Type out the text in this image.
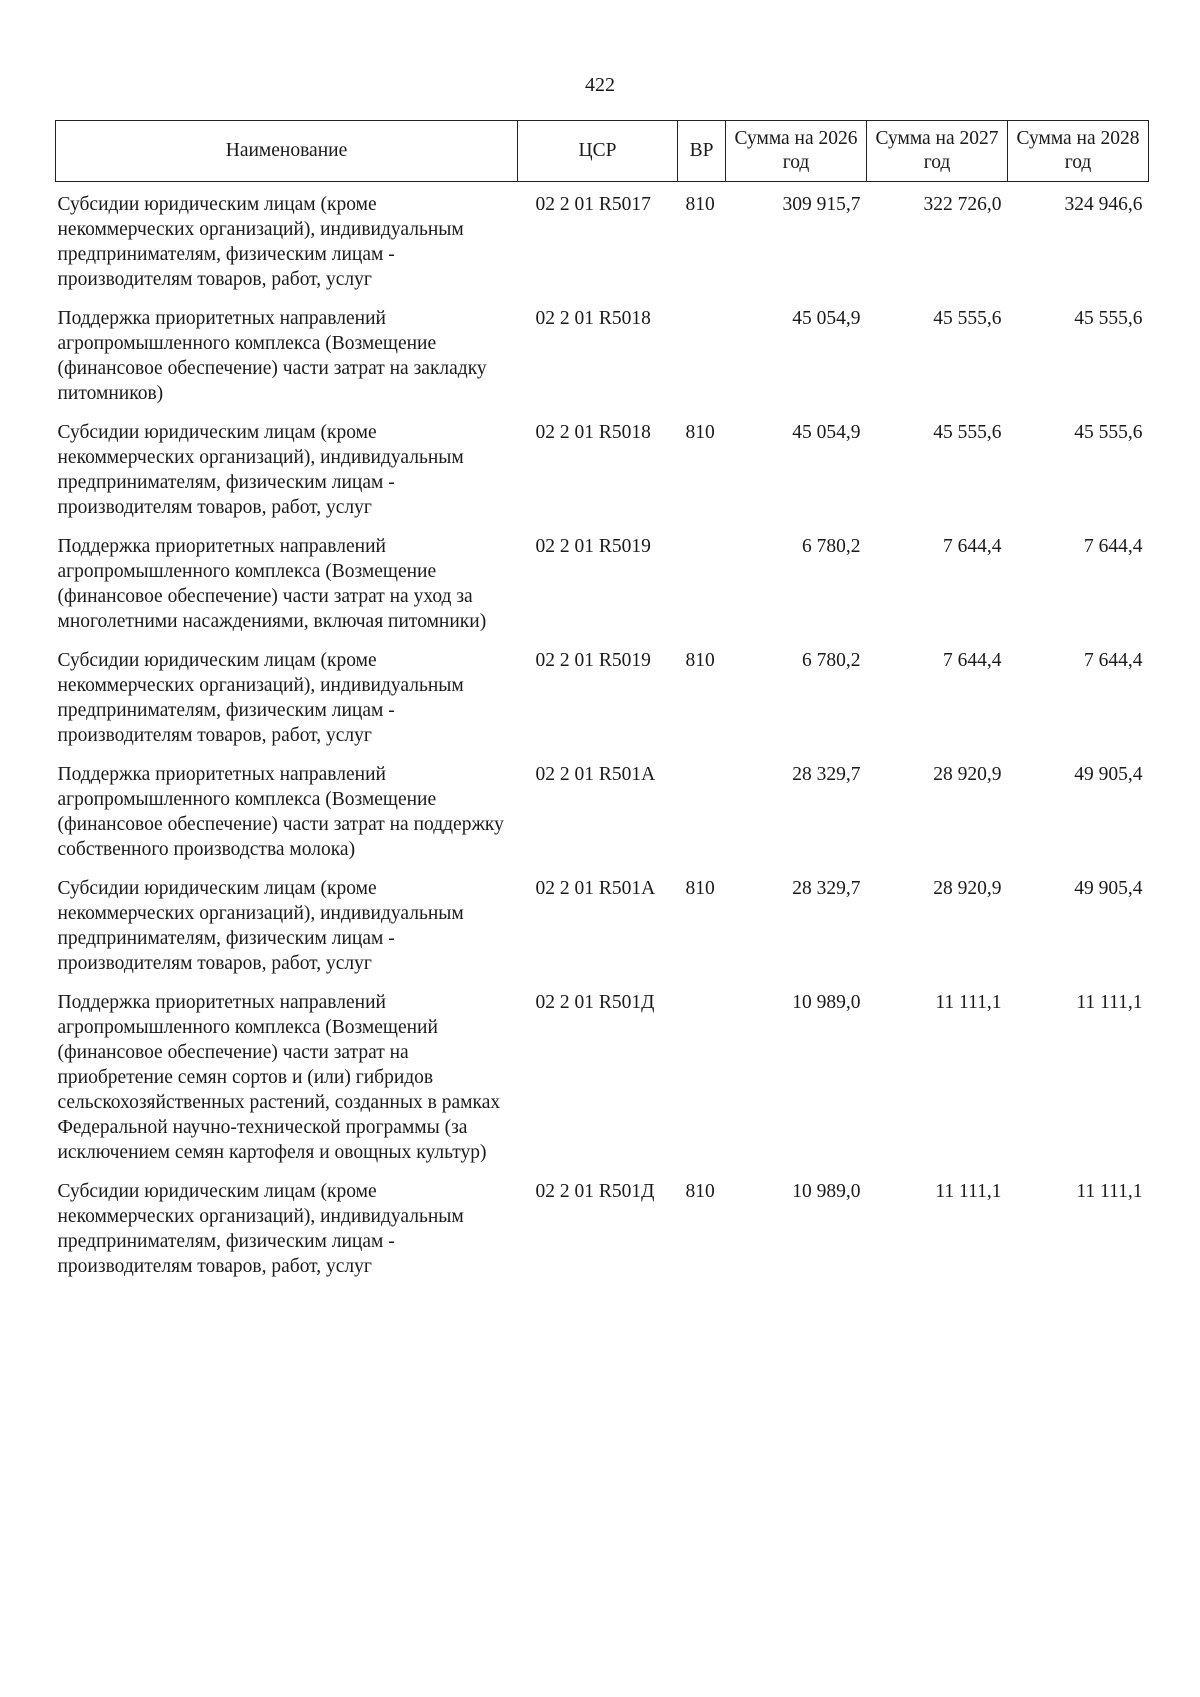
422
Наименование	ЦСР	ВР	Сумма на 2026 год	Сумма на 2027 год	Сумма на 2028 год
Субсидии юридическим лицам (кроме некоммерческих организаций), индивидуальным предпринимателям, физическим лицам - производителям товаров, работ, услуг	02 2 01 R5017	810	309 915,7	322 726,0	324 946,6
Поддержка приоритетных направлений агропромышленного комплекса (Возмещение (финансовое обеспечение) части затрат на закладку питомников)	02 2 01 R5018		45 054,9	45 555,6	45 555,6
Субсидии юридическим лицам (кроме некоммерческих организаций), индивидуальным предпринимателям, физическим лицам - производителям товаров, работ, услуг	02 2 01 R5018	810	45 054,9	45 555,6	45 555,6
Поддержка приоритетных направлений агропромышленного комплекса (Возмещение (финансовое обеспечение) части затрат на уход за многолетними насаждениями, включая питомники)	02 2 01 R5019		6 780,2	7 644,4	7 644,4
Субсидии юридическим лицам (кроме некоммерческих организаций), индивидуальным предпринимателям, физическим лицам - производителям товаров, работ, услуг	02 2 01 R5019	810	6 780,2	7 644,4	7 644,4
Поддержка приоритетных направлений агропромышленного комплекса (Возмещение (финансовое обеспечение) части затрат на поддержку собственного производства молока)	02 2 01 R501А		28 329,7	28 920,9	49 905,4
Субсидии юридическим лицам (кроме некоммерческих организаций), индивидуальным предпринимателям, физическим лицам - производителям товаров, работ, услуг	02 2 01 R501А	810	28 329,7	28 920,9	49 905,4
Поддержка приоритетных направлений агропромышленного комплекса (Возмещений (финансовое обеспечение) части затрат на приобретение семян сортов и (или) гибридов сельскохозяйственных растений, созданных в рамках Федеральной научно-технической программы (за исключением семян картофеля и овощных культур)	02 2 01 R501Д		10 989,0	11 111,1	11 111,1
Субсидии юридическим лицам (кроме некоммерческих организаций), индивидуальным предпринимателям, физическим лицам - производителям товаров, работ, услуг	02 2 01 R501Д	810	10 989,0	11 111,1	11 111,1
